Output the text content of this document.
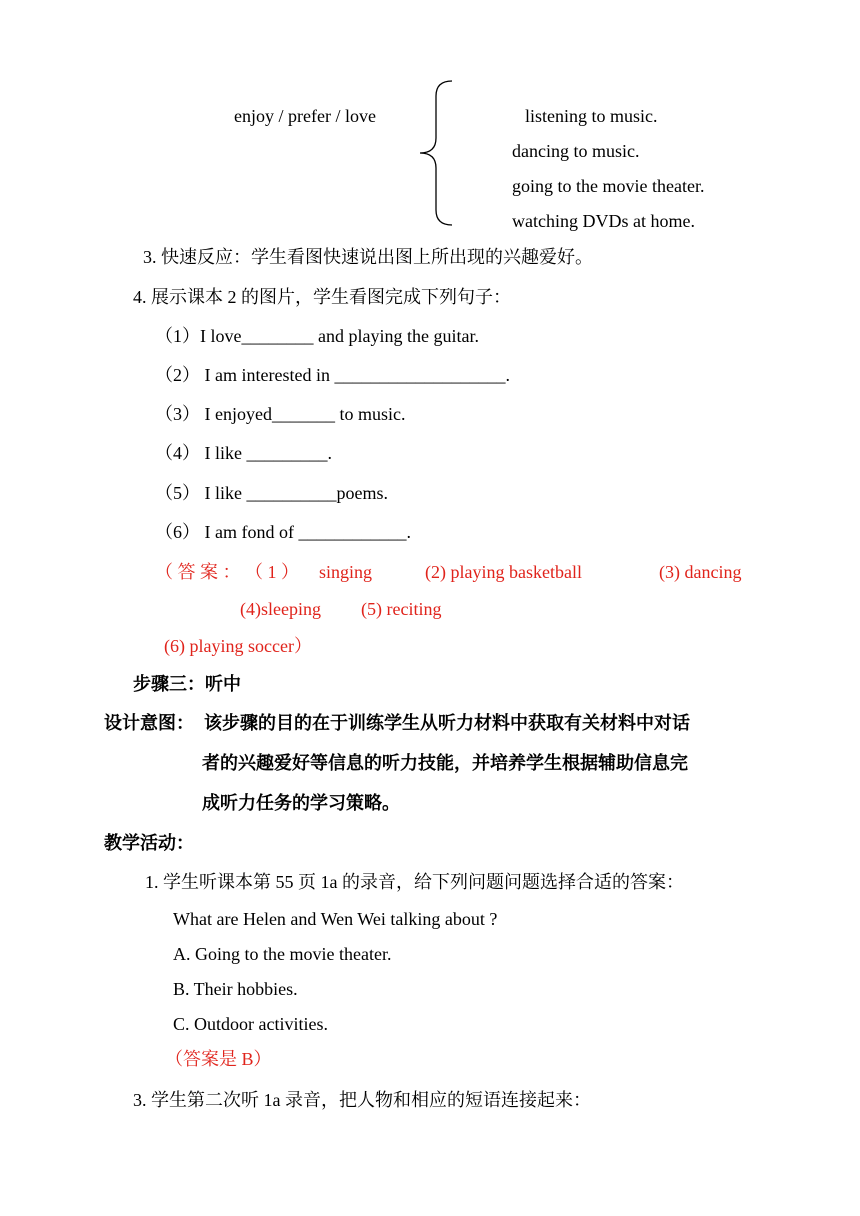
enjoy / prefer / love	listening to music.
dancing to music.
going to the movie theater.
watching DVDs at home.
3. 快速反应：学生看图快速说出图上所出现的兴趣爱好。
4. 展示课本 2 的图片，学生看图完成下列句子：
（1）I love________ and playing the guitar.
（2） I am interested in ___________________.
（3） I enjoyed_______ to music.
（4） I like _________.
（5） I like __________poems.
（6） I am fond of ____________.
（ 答 案 ： （ 1 ） singing	(2) playing basketball	(3) dancing
(4)sleeping (5) reciting
(6) playing soccer）
步骤三：听中
设计意图： 该步骤的目的在于训练学生从听力材料中获取有关材料中对话
者的兴趣爱好等信息的听力技能，并培养学生根据辅助信息完
成听力任务的学习策略。
教学活动：
1. 学生听课本第 55 页 1a 的录音，给下列问题问题选择合适的答案：
What are Helen and Wen Wei talking about ?
A. Going to the movie theater.
B. Their hobbies.
C. Outdoor activities.
（答案是 B）
3. 学生第二次听 1a 录音，把人物和相应的短语连接起来：
